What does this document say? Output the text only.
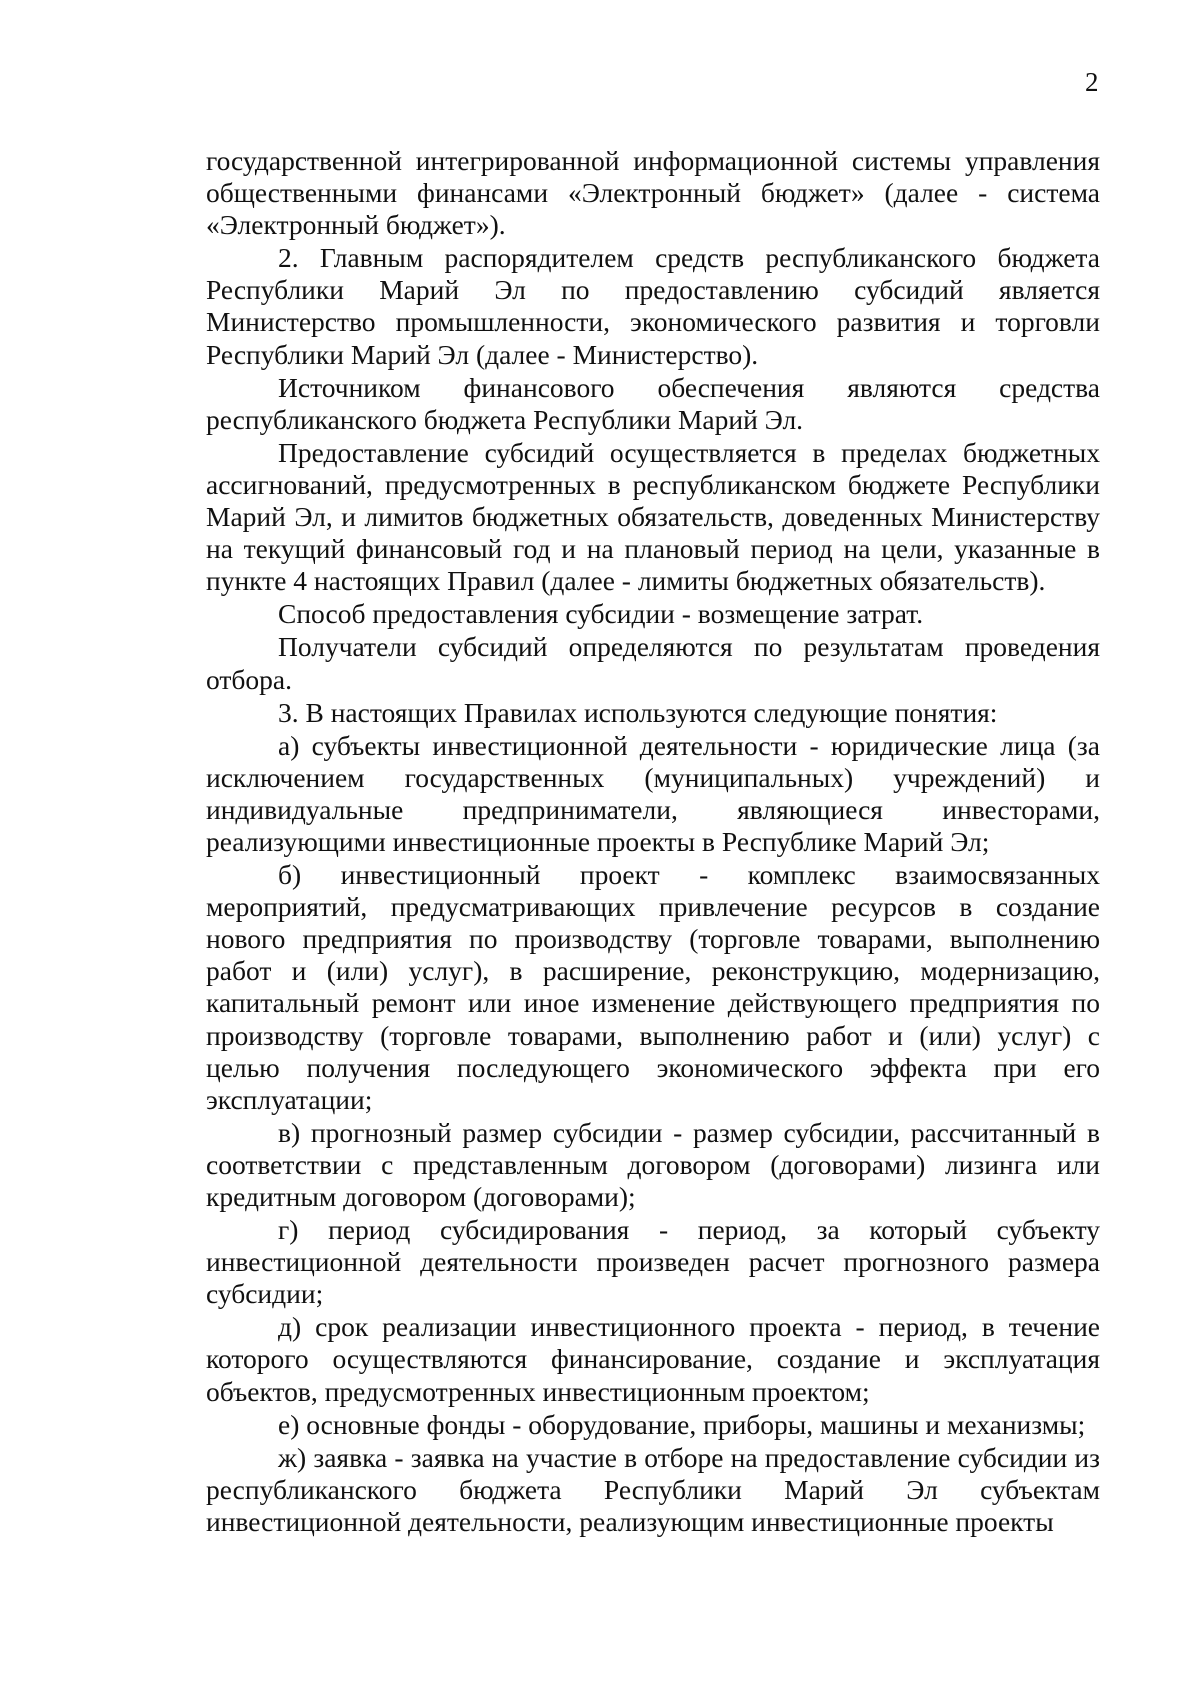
2

государственной интегрированной информационной системы управления общественными финансами «Электронный бюджет» (далее - система «Электронный бюджет»).

2. Главным распорядителем средств республиканского бюджета Республики Марий Эл по предоставлению субсидий является Министерство промышленности, экономического развития и торговли Республики Марий Эл (далее - Министерство).

Источником финансового обеспечения являются средства республиканского бюджета Республики Марий Эл.

Предоставление субсидий осуществляется в пределах бюджетных ассигнований, предусмотренных в республиканском бюджете Республики Марий Эл, и лимитов бюджетных обязательств, доведенных Министерству на текущий финансовый год и на плановый период на цели, указанные в пункте 4 настоящих Правил (далее - лимиты бюджетных обязательств).

Способ предоставления субсидии - возмещение затрат.

Получатели субсидий определяются по результатам проведения отбора.

3. В настоящих Правилах используются следующие понятия:

а) субъекты инвестиционной деятельности - юридические лица (за исключением государственных (муниципальных) учреждений) и индивидуальные предприниматели, являющиеся инвесторами, реализующими инвестиционные проекты в Республике Марий Эл;

б) инвестиционный проект - комплекс взаимосвязанных мероприятий, предусматривающих привлечение ресурсов в создание нового предприятия по производству (торговле товарами, выполнению работ и (или) услуг), в расширение, реконструкцию, модернизацию, капитальный ремонт или иное изменение действующего предприятия по производству (торговле товарами, выполнению работ и (или) услуг) с целью получения последующего экономического эффекта при его эксплуатации;

в) прогнозный размер субсидии - размер субсидии, рассчитанный в соответствии с представленным договором (договорами) лизинга или кредитным договором (договорами);

г) период субсидирования - период, за который субъекту инвестиционной деятельности произведен расчет прогнозного размера субсидии;

д) срок реализации инвестиционного проекта - период, в течение которого осуществляются финансирование, создание и эксплуатация объектов, предусмотренных инвестиционным проектом;

е) основные фонды - оборудование, приборы, машины и механизмы;

ж) заявка - заявка на участие в отборе на предоставление субсидии из республиканского бюджета Республики Марий Эл субъектам инвестиционной деятельности, реализующим инвестиционные проекты
